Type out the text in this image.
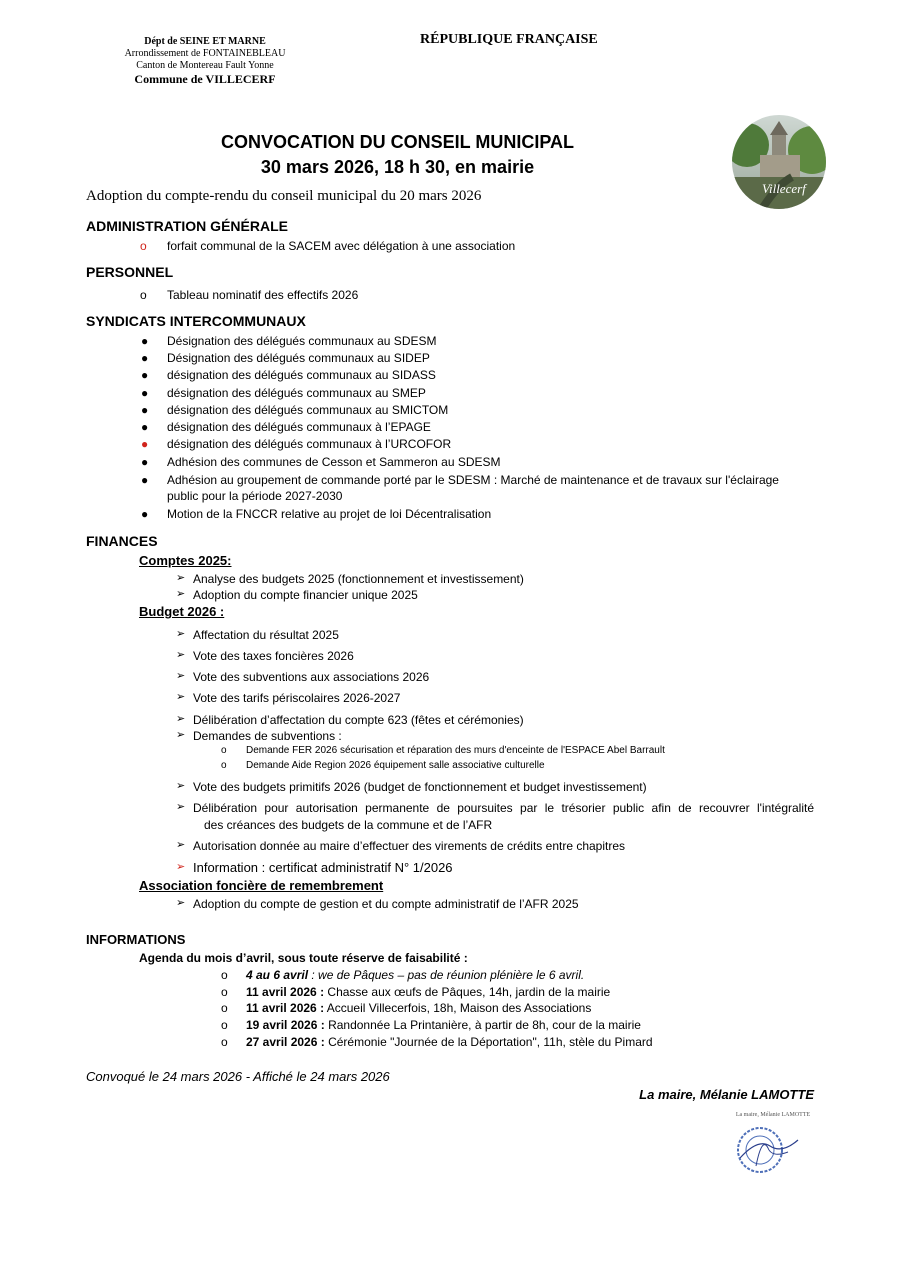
Dépt de SEINE ET MARNE
Arrondissement de FONTAINEBLEAU
Canton de Montereau Fault Yonne
Commune de VILLECERF
RÉPUBLIQUE FRANÇAISE
CONVOCATION DU CONSEIL MUNICIPAL
30 mars 2026, 18 h 30, en mairie
Villecerf
Adoption du compte-rendu du conseil municipal du 20 mars 2026
ADMINISTRATION GÉNÉRALE
o forfait communal de la SACEM avec délégation à une association
PERSONNEL
o Tableau nominatif des effectifs 2026
SYNDICATS INTERCOMMUNAUX
● Désignation des délégués communaux au SDESM
● Désignation des délégués communaux au SIDEP
● désignation des délégués communaux au SIDASS
● désignation des délégués communaux au SMEP
● désignation des délégués communaux au SMICTOM
● désignation des délégués communaux à l’EPAGE
● désignation des délégués communaux à l’URCOFOR
● Adhésion des communes de Cesson et Sammeron au SDESM
● Adhésion au groupement de commande porté par le SDESM : Marché de maintenance et de travaux sur l'éclairage
public pour la période 2027-2030
● Motion de la FNCCR relative au projet de loi Décentralisation
FINANCES
Comptes 2025:
➢ Analyse des budgets 2025 (fonctionnement et investissement)
➢ Adoption du compte financier unique 2025
Budget 2026 :
➢ Affectation du résultat 2025
➢ Vote des taxes foncières 2026
➢ Vote des subventions aux associations 2026
➢ Vote des tarifs périscolaires 2026-2027
➢ Délibération d’affectation du compte 623 (fêtes et cérémonies)
➢ Demandes de subventions :
o Demande FER 2026 sécurisation et réparation des murs d'enceinte de l'ESPACE Abel Barrault
o Demande Aide Region 2026 équipement salle associative culturelle
➢ Vote des budgets primitifs 2026 (budget de fonctionnement et budget investissement)
➢ Délibération pour autorisation permanente de poursuites par le trésorier public afin de recouvrer l'intégralité
des créances des budgets de la commune et de l’AFR
➢ Autorisation donnée au maire d’effectuer des virements de crédits entre chapitres
➢ Information : certificat administratif N° 1/2026
Association foncière de remembrement
➢ Adoption du compte de gestion et du compte administratif de l’AFR 2025
INFORMATIONS
Agenda du mois d’avril, sous toute réserve de faisabilité :
o 4 au 6 avril : we de Pâques – pas de réunion plénière le 6 avril.
o 11 avril 2026 : Chasse aux œufs de Pâques, 14h, jardin de la mairie
o 11 avril 2026 : Accueil Villecerfois, 18h, Maison des Associations
o 19 avril 2026 : Randonnée La Printanière, à partir de 8h, cour de la mairie
o 27 avril 2026 : Cérémonie "Journée de la Déportation", 11h, stèle du Pimard
Convoqué le 24 mars 2026 - Affiché le 24 mars 2026
La maire, Mélanie LAMOTTE
La maire, Mélanie LAMOTTE
